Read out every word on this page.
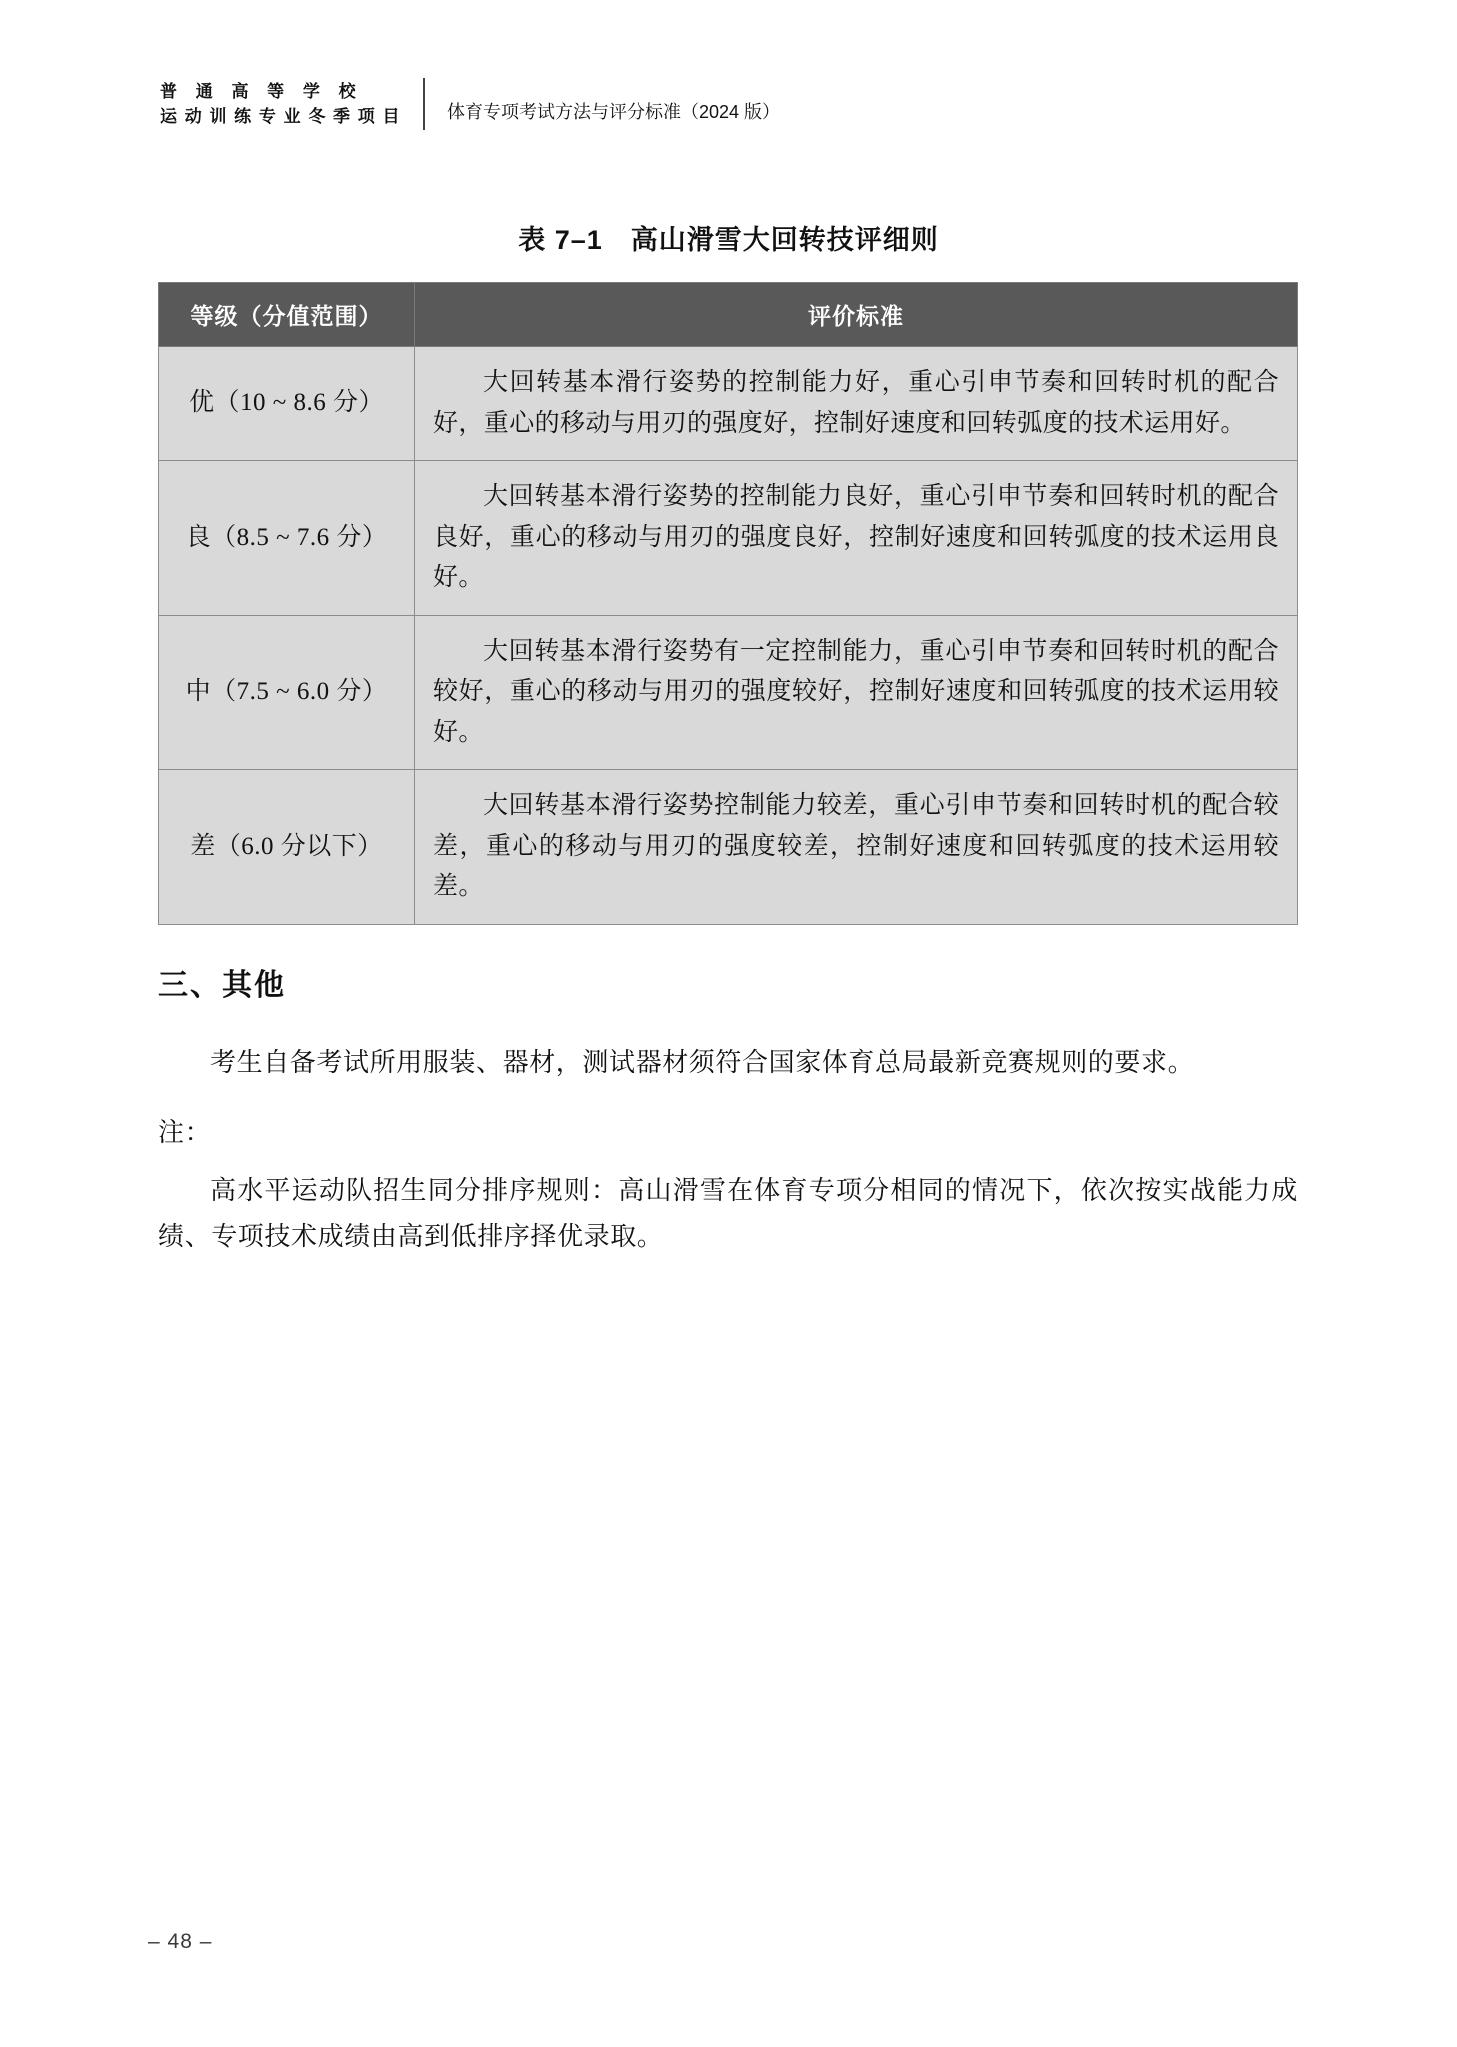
普 通 高 等 学 校
运 动 训 练 专 业 冬 季 项 目	体育专项考试方法与评分标准（2024 版）
表 7–1　高山滑雪大回转技评细则
等级（分值范围）	评价标准
优（10 ~ 8.6 分）	大回转基本滑行姿势的控制能力好，重心引申节奏和回转时机的配合好，重心的移动与用刃的强度好，控制好速度和回转弧度的技术运用好。
良（8.5 ~ 7.6 分）	大回转基本滑行姿势的控制能力良好，重心引申节奏和回转时机的配合良好，重心的移动与用刃的强度良好，控制好速度和回转弧度的技术运用良好。
中（7.5 ~ 6.0 分）	大回转基本滑行姿势有一定控制能力，重心引申节奏和回转时机的配合较好，重心的移动与用刃的强度较好，控制好速度和回转弧度的技术运用较好。
差（6.0 分以下）	大回转基本滑行姿势控制能力较差，重心引申节奏和回转时机的配合较差，重心的移动与用刃的强度较差，控制好速度和回转弧度的技术运用较差。
三、其他
考生自备考试所用服装、器材，测试器材须符合国家体育总局最新竞赛规则的要求。
注：
高水平运动队招生同分排序规则：高山滑雪在体育专项分相同的情况下，依次按实战能力成绩、专项技术成绩由高到低排序择优录取。
– 48 –
